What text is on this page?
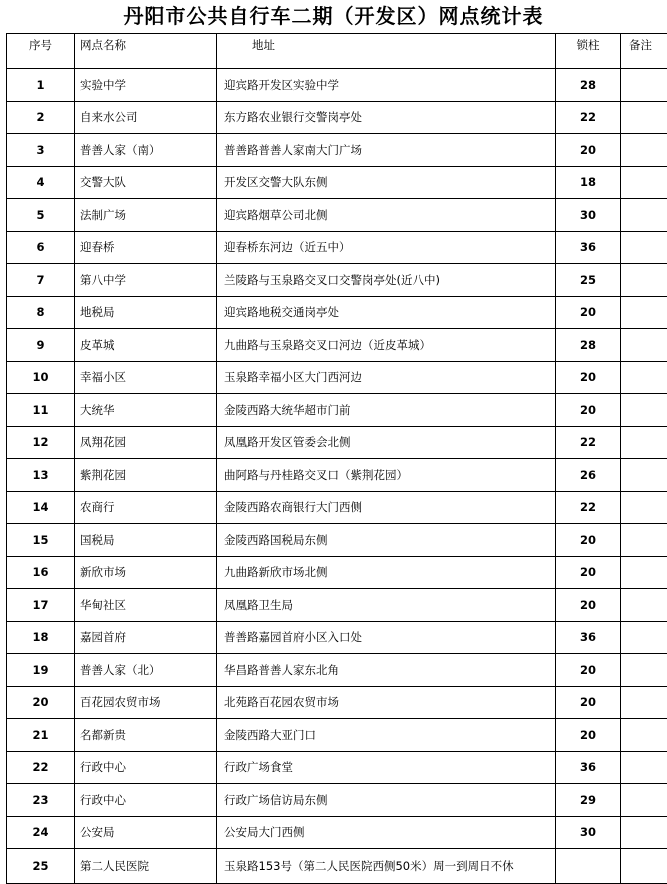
丹阳市公共自行车二期（开发区）网点统计表
序号	网点名称	地址	锁柱	备注
1	实验中学	迎宾路开发区实验中学	28	
2	自来水公司	东方路农业银行交警岗亭处	22	
3	普善人家（南）	普善路普善人家南大门广场	20	
4	交警大队	开发区交警大队东侧	18	
5	法制广场	迎宾路烟草公司北侧	30	
6	迎春桥	迎春桥东河边（近五中）	36	
7	第八中学	兰陵路与玉泉路交叉口交警岗亭处(近八中)	25	
8	地税局	迎宾路地税交通岗亭处	20	
9	皮革城	九曲路与玉泉路交叉口河边（近皮革城）	28	
10	幸福小区	玉泉路幸福小区大门西河边	20	
11	大统华	金陵西路大统华超市门前	20	
12	凤翔花园	凤凰路开发区管委会北侧	22	
13	紫荆花园	曲阿路与丹桂路交叉口（紫荆花园）	26	
14	农商行	金陵西路农商银行大门西侧	22	
15	国税局	金陵西路国税局东侧	20	
16	新欣市场	九曲路新欣市场北侧	20	
17	华甸社区	凤凰路卫生局	20	
18	嘉园首府	普善路嘉园首府小区入口处	36	
19	普善人家（北）	华昌路普善人家东北角	20	
20	百花园农贸市场	北苑路百花园农贸市场	20	
21	名都新贵	金陵西路大亚门口	20	
22	行政中心	行政广场食堂	36	
23	行政中心	行政广场信访局东侧	29	
24	公安局	公安局大门西侧	30	
25	第二人民医院	玉泉路153号（第二人民医院西侧50米）周一到周日不休		
